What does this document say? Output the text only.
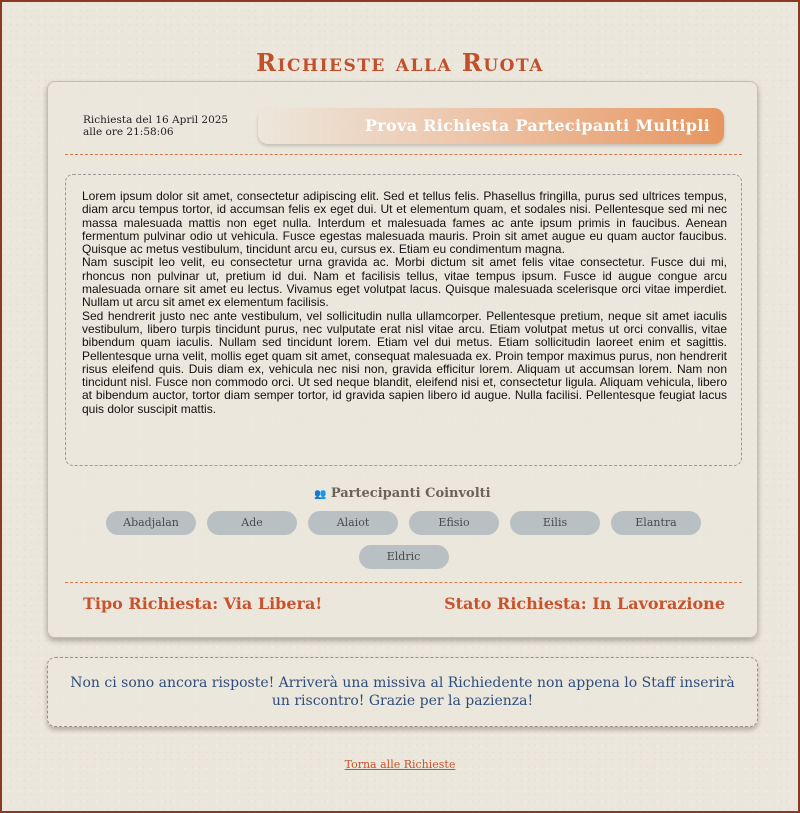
Richieste alla Ruota
Richiesta del 16 April 2025
alle ore 21:58:06	Prova Richiesta Partecipanti Multipli

Lorem ipsum dolor sit amet, consectetur adipiscing elit. Sed et tellus felis. Phasellus fringilla, purus sed ultrices tempus, diam arcu tempus tortor, id accumsan felis ex eget dui. Ut et elementum quam, et sodales nisi. Pellentesque sed mi nec massa malesuada mattis non eget nulla. Interdum et malesuada fames ac ante ipsum primis in faucibus. Aenean fermentum pulvinar odio ut vehicula. Fusce egestas malesuada mauris. Proin sit amet augue eu quam auctor faucibus. Quisque ac metus vestibulum, tincidunt arcu eu, cursus ex. Etiam eu condimentum magna.

Nam suscipit leo velit, eu consectetur urna gravida ac. Morbi dictum sit amet felis vitae consectetur. Fusce dui mi, rhoncus non pulvinar ut, pretium id dui. Nam et facilisis tellus, vitae tempus ipsum. Fusce id augue congue arcu malesuada ornare sit amet eu lectus. Vivamus eget volutpat lacus. Quisque malesuada scelerisque orci vitae imperdiet. Nullam ut arcu sit amet ex elementum facilisis.

Sed hendrerit justo nec ante vestibulum, vel sollicitudin nulla ullamcorper. Pellentesque pretium, neque sit amet iaculis vestibulum, libero turpis tincidunt purus, nec vulputate erat nisl vitae arcu. Etiam volutpat metus ut orci convallis, vitae bibendum quam iaculis. Nullam sed tincidunt lorem. Etiam vel dui metus. Etiam sollicitudin laoreet enim et sagittis. Pellentesque urna velit, mollis eget quam sit amet, consequat malesuada ex. Proin tempor maximus purus, non hendrerit risus eleifend quis. Duis diam ex, vehicula nec nisi non, gravida efficitur lorem. Aliquam ut accumsan lorem. Nam non tincidunt nisl. Fusce non commodo orci. Ut sed neque blandit, eleifend nisi et, consectetur ligula. Aliquam vehicula, libero at bibendum auctor, tortor diam semper tortor, id gravida sapien libero id augue. Nulla facilisi. Pellentesque feugiat lacus quis dolor suscipit mattis.

👥 Partecipanti Coinvolti
Abadjalan	Ade	Alaiot	Efisio	Eilis	Elantra
Eldric
Tipo Richiesta: Via Libera!	Stato Richiesta: In Lavorazione
Non ci sono ancora risposte! Arriverà una missiva al Richiedente non appena lo Staff inserirà un riscontro! Grazie per la pazienza!
Torna alle Richieste
